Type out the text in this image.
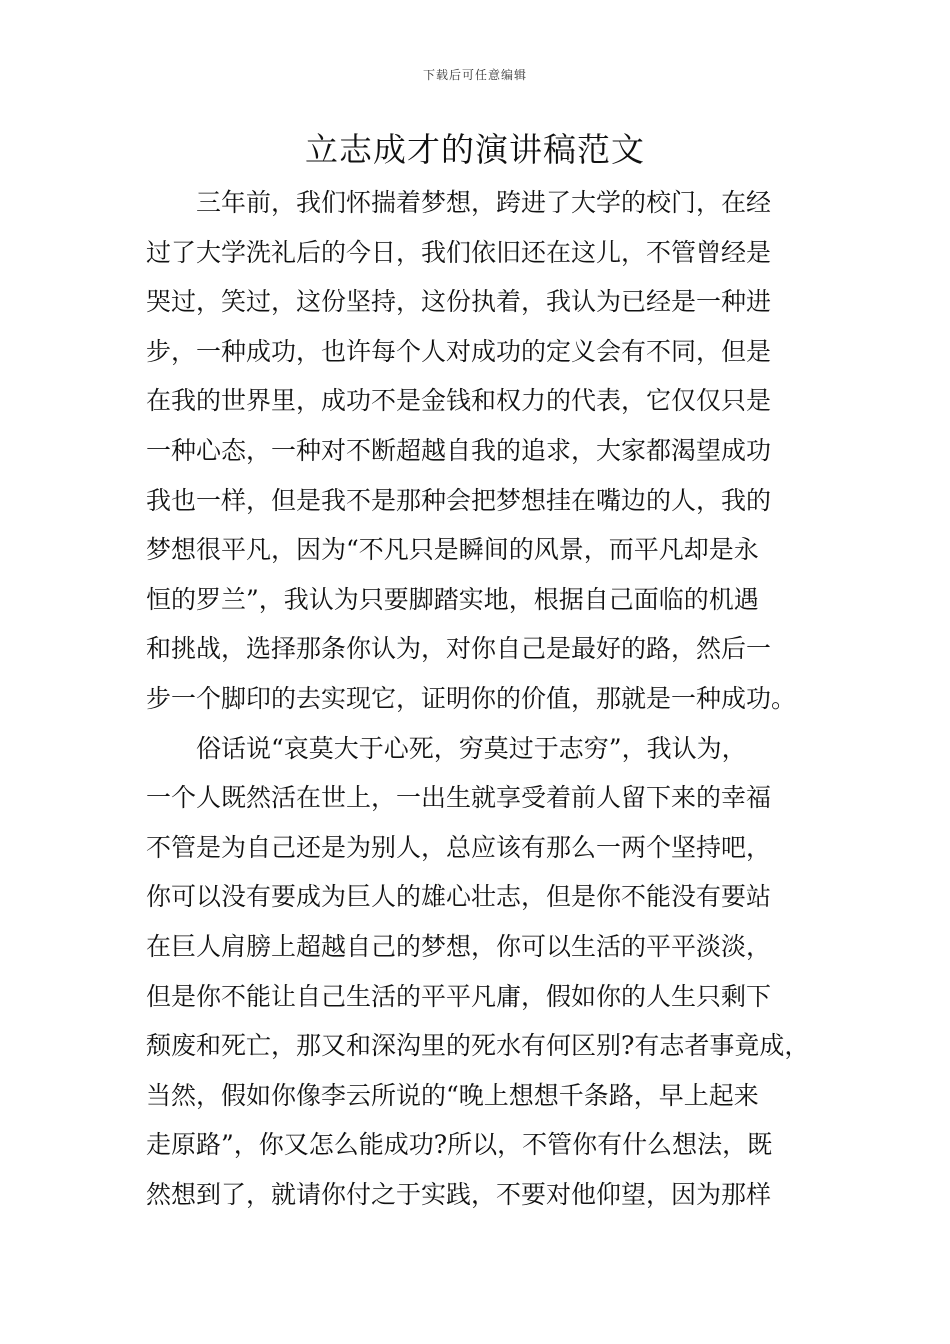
下载后可任意编辑
立志成才的演讲稿范文
　　三年前，我们怀揣着梦想，跨进了大学的校门，在经
过了大学洗礼后的今日，我们依旧还在这儿，不管曾经是
哭过，笑过，这份坚持，这份执着，我认为已经是一种进
步，一种成功，也许每个人对成功的定义会有不同，但是
在我的世界里，成功不是金钱和权力的代表，它仅仅只是
一种心态，一种对不断超越自我的追求，大家都渴望成功
我也一样，但是我不是那种会把梦想挂在嘴边的人，我的
梦想很平凡，因为“不凡只是瞬间的风景，而平凡却是永
恒的罗兰”，我认为只要脚踏实地，根据自己面临的机遇
和挑战，选择那条你认为，对你自己是最好的路，然后一
步一个脚印的去实现它，证明你的价值，那就是一种成功。
　　俗话说“哀莫大于心死，穷莫过于志穷”，我认为，
一个人既然活在世上，一出生就享受着前人留下来的幸福
不管是为自己还是为别人，总应该有那么一两个坚持吧，
你可以没有要成为巨人的雄心壮志，但是你不能没有要站
在巨人肩膀上超越自己的梦想，你可以生活的平平淡淡，
但是你不能让自己生活的平平凡庸，假如你的人生只剩下
颓废和死亡，那又和深沟里的死水有何区别?有志者事竟成，
当然，假如你像李云所说的“晚上想想千条路，早上起来
走原路”，你又怎么能成功?所以，不管你有什么想法，既
然想到了，就请你付之于实践，不要对他仰望，因为那样
